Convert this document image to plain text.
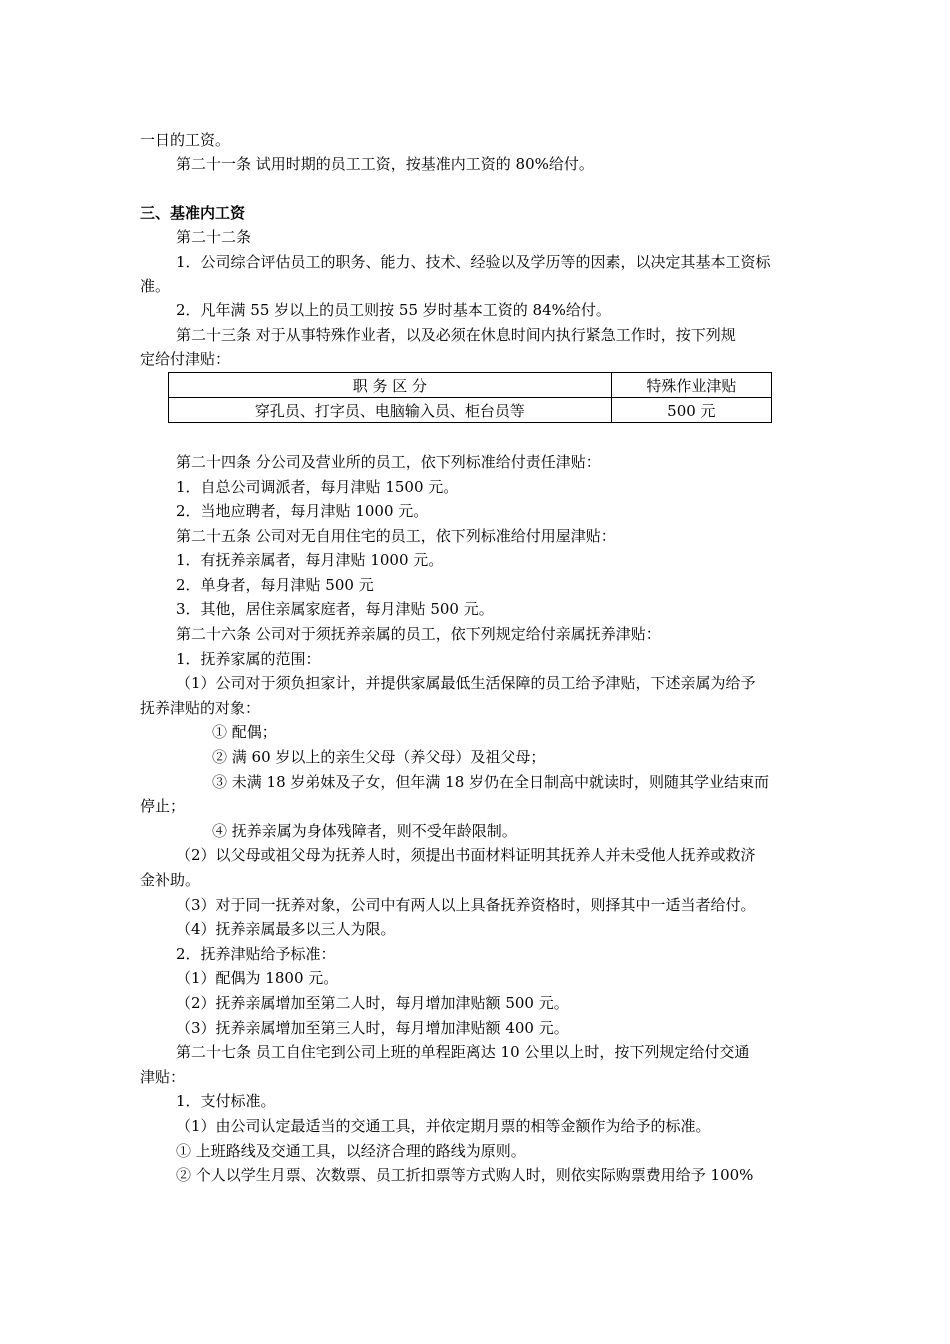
一日的工资。
第二十一条 试用时期的员工工资，按基准内工资的 80%给付。
三、基准内工资
第二十二条
1．公司综合评估员工的职务、能力、技术、经验以及学历等的因素，以决定其基本工资标
准。
2．凡年满 55 岁以上的员工则按 55 岁时基本工资的 84%给付。
第二十三条 对于从事特殊作业者，以及必须在休息时间内执行紧急工作时，按下列规
定给付津贴：
职 务 区 分	特殊作业津贴
穿孔员、打字员、电脑输入员、柜台员等	500 元
第二十四条 分公司及营业所的员工，依下列标准给付责任津贴：
1．自总公司调派者，每月津贴 1500 元。
2．当地应聘者，每月津贴 1000 元。
第二十五条 公司对无自用住宅的员工，依下列标准给付用屋津贴：
1．有抚养亲属者，每月津贴 1000 元。
2．单身者，每月津贴 500 元
3．其他，居住亲属家庭者，每月津贴 500 元。
第二十六条 公司对于须抚养亲属的员工，依下列规定给付亲属抚养津贴：
1．抚养家属的范围：
（1）公司对于须负担家计，并提供家属最低生活保障的员工给予津贴，下述亲属为给予
抚养津贴的对象：
① 配偶；
② 满 60 岁以上的亲生父母（养父母）及祖父母；
③ 未满 18 岁弟妹及子女，但年满 18 岁仍在全日制高中就读时，则随其学业结束而
停止；
④ 抚养亲属为身体残障者，则不受年龄限制。
（2）以父母或祖父母为抚养人时，须提出书面材料证明其抚养人并未受他人抚养或救济
金补助。
（3）对于同一抚养对象，公司中有两人以上具备抚养资格时，则择其中一适当者给付。
（4）抚养亲属最多以三人为限。
2．抚养津贴给予标准：
（1）配偶为 1800 元。
（2）抚养亲属增加至第二人时，每月增加津贴额 500 元。
（3）抚养亲属增加至第三人时，每月增加津贴额 400 元。
第二十七条 员工自住宅到公司上班的单程距离达 10 公里以上时，按下列规定给付交通
津贴：
1．支付标准。
（1）由公司认定最适当的交通工具，并依定期月票的相等金额作为给予的标准。
① 上班路线及交通工具，以经济合理的路线为原则。
② 个人以学生月票、次数票、员工折扣票等方式购人时，则依实际购票费用给予 100%
